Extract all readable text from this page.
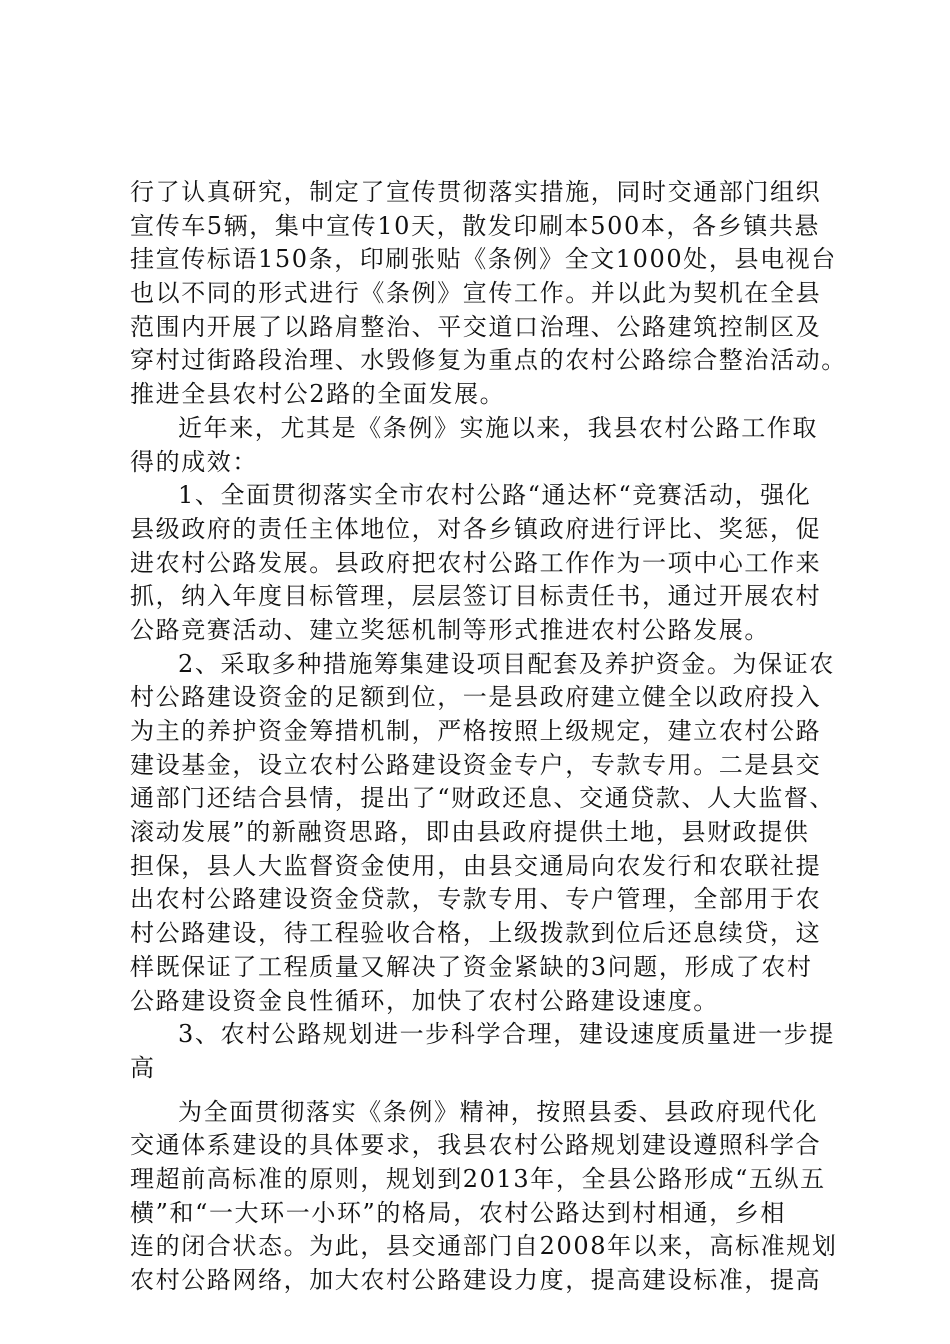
行了认真研究，制定了宣传贯彻落实措施，同时交通部门组织
宣传车5辆，集中宣传10天，散发印刷本500本，各乡镇共悬
挂宣传标语150条，印刷张贴《条例》全文1000处，县电视台
也以不同的形式进行《条例》宣传工作。并以此为契机在全县
范围内开展了以路肩整治、平交道口治理、公路建筑控制区及
穿村过街路段治理、水毁修复为重点的农村公路综合整治活动。
推进全县农村公2路的全面发展。
近年来，尤其是《条例》实施以来，我县农村公路工作取
得的成效：
1、全面贯彻落实全市农村公路“通达杯“竞赛活动，强化
县级政府的责任主体地位，对各乡镇政府进行评比、奖惩，促
进农村公路发展。县政府把农村公路工作作为一项中心工作来
抓，纳入年度目标管理，层层签订目标责任书，通过开展农村
公路竞赛活动、建立奖惩机制等形式推进农村公路发展。
2、采取多种措施筹集建设项目配套及养护资金。为保证农
村公路建设资金的足额到位，一是县政府建立健全以政府投入
为主的养护资金筹措机制，严格按照上级规定，建立农村公路
建设基金，设立农村公路建设资金专户，专款专用。二是县交
通部门还结合县情，提出了“财政还息、交通贷款、人大监督、
滚动发展”的新融资思路，即由县政府提供土地，县财政提供
担保，县人大监督资金使用，由县交通局向农发行和农联社提
出农村公路建设资金贷款，专款专用、专户管理，全部用于农
村公路建设，待工程验收合格，上级拨款到位后还息续贷，这
样既保证了工程质量又解决了资金紧缺的3问题，形成了农村
公路建设资金良性循环，加快了农村公路建设速度。
3、农村公路规划进一步科学合理，建设速度质量进一步提
高
为全面贯彻落实《条例》精神，按照县委、县政府现代化
交通体系建设的具体要求，我县农村公路规划建设遵照科学合
理超前高标准的原则，规划到2013年，全县公路形成“五纵五
横”和“一大环一小环”的格局，农村公路达到村相通，乡相
连的闭合状态。为此，县交通部门自2008年以来，高标准规划
农村公路网络，加大农村公路建设力度，提高建设标准，提高
